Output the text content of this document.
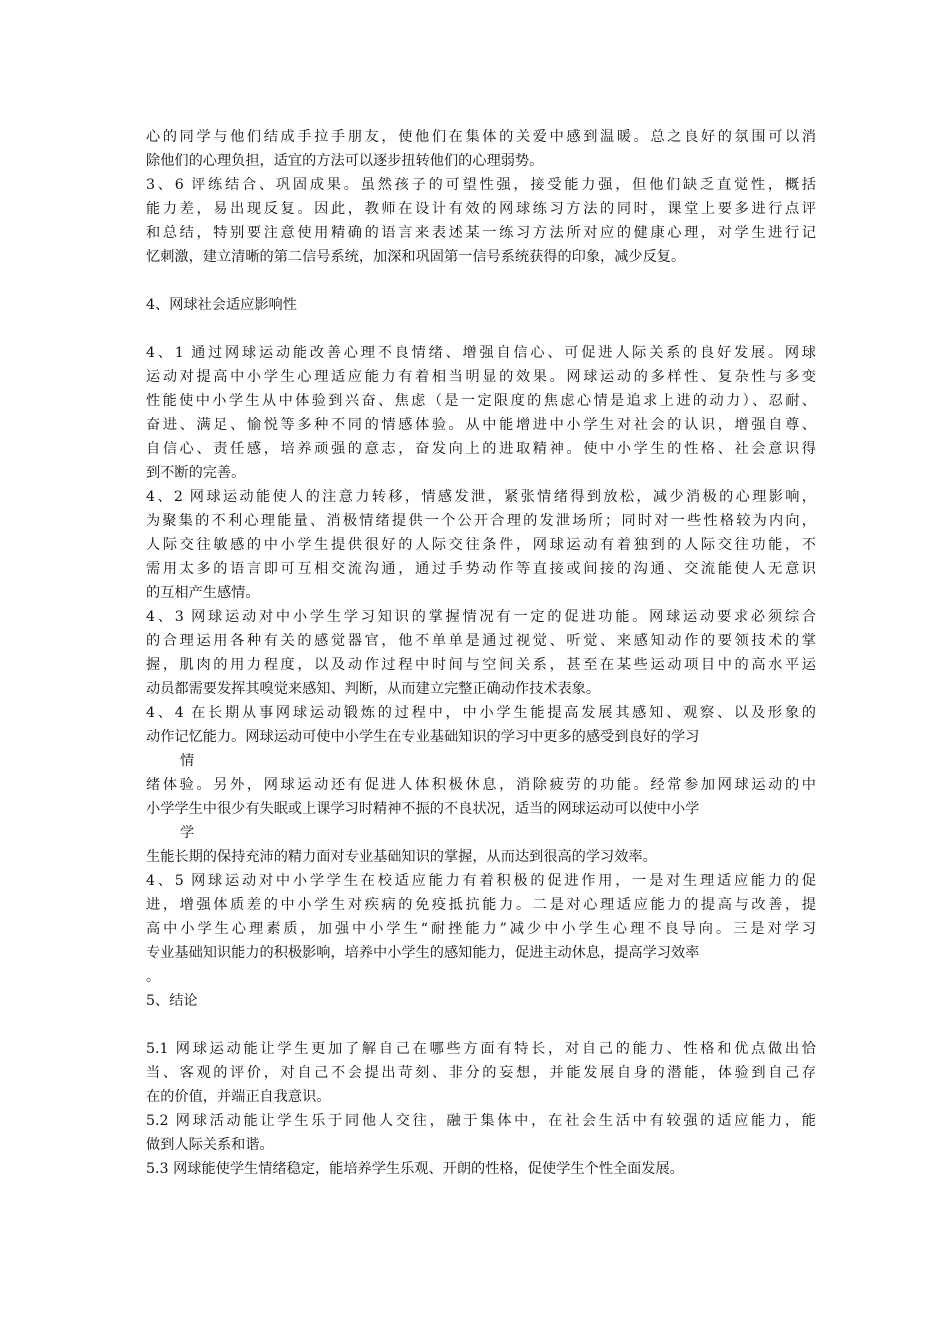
心的同学与他们结成手拉手朋友，使他们在集体的关爱中感到温暖。总之良好的氛围可以消
除他们的心理负担，适宜的方法可以逐步扭转他们的心理弱势。
3、6 评练结合、巩固成果。虽然孩子的可望性强，接受能力强，但他们缺乏直觉性，概括
能力差，易出现反复。因此，教师在设计有效的网球练习方法的同时，课堂上要多进行点评
和总结，特别要注意使用精确的语言来表述某一练习方法所对应的健康心理，对学生进行记
忆刺激，建立清晰的第二信号系统，加深和巩固第一信号系统获得的印象，减少反复。
4、网球社会适应影响性
4、1 通过网球运动能改善心理不良情绪、增强自信心、可促进人际关系的良好发展。网球
运动对提高中小学生心理适应能力有着相当明显的效果。网球运动的多样性、复杂性与多变
性能使中小学生从中体验到兴奋、焦虑（是一定限度的焦虑心情是追求上进的动力）、忍耐、
奋进、满足、愉悦等多种不同的情感体验。从中能增进中小学生对社会的认识，增强自尊、
自信心、责任感，培养顽强的意志，奋发向上的进取精神。使中小学生的性格、社会意识得
到不断的完善。
4、2 网球运动能使人的注意力转移，情感发泄，紧张情绪得到放松，减少消极的心理影响，
为聚集的不利心理能量、消极情绪提供一个公开合理的发泄场所；同时对一些性格较为内向，
人际交往敏感的中小学生提供很好的人际交往条件，网球运动有着独到的人际交往功能，不
需用太多的语言即可互相交流沟通，通过手势动作等直接或间接的沟通、交流能使人无意识
的互相产生感情。
4、3 网球运动对中小学生学习知识的掌握情况有一定的促进功能。网球运动要求必须综合
的合理运用各种有关的感觉器官，他不单单是通过视觉、听觉、来感知动作的要领技术的掌
握，肌肉的用力程度，以及动作过程中时间与空间关系，甚至在某些运动项目中的高水平运
动员都需要发挥其嗅觉来感知、判断，从而建立完整正确动作技术表象。
4、4 在长期从事网球运动锻炼的过程中，中小学生能提高发展其感知、观察、以及形象的
动作记忆能力。网球运动可使中小学生在专业基础知识的学习中更多的感受到良好的学习
情
绪体验。另外，网球运动还有促进人体积极休息，消除疲劳的功能。经常参加网球运动的中
小学学生中很少有失眠或上课学习时精神不振的不良状况，适当的网球运动可以使中小学
学
生能长期的保持充沛的精力面对专业基础知识的掌握，从而达到很高的学习效率。
4、5 网球运动对中小学学生在校适应能力有着积极的促进作用，一是对生理适应能力的促
进，增强体质差的中小学生对疾病的免疫抵抗能力。二是对心理适应能力的提高与改善，提
高中小学生心理素质，加强中小学生“耐挫能力”减少中小学生心理不良导向。三是对学习
专业基础知识能力的积极影响，培养中小学生的感知能力，促进主动休息，提高学习效率
。
5、结论
5.1 网球运动能让学生更加了解自己在哪些方面有特长，对自己的能力、性格和优点做出恰
当、客观的评价，对自己不会提出苛刻、非分的妄想，并能发展自身的潜能，体验到自己存
在的价值，并端正自我意识。
5.2 网球活动能让学生乐于同他人交往，融于集体中，在社会生活中有较强的适应能力，能
做到人际关系和谐。
5.3 网球能使学生情绪稳定，能培养学生乐观、开朗的性格，促使学生个性全面发展。
